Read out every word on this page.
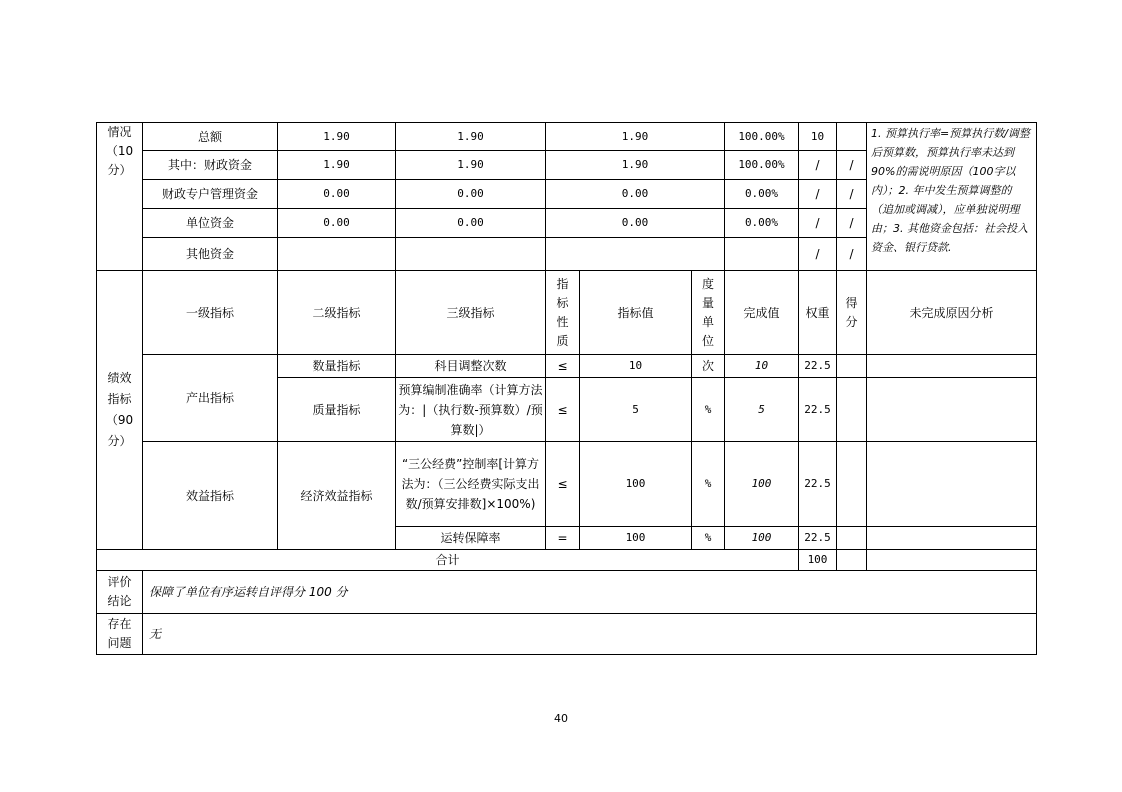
情况
（10
分）	总额	1.90	1.90	1.90			100.00%	10		1. 预算执行率=预算执行数/调整后预算数，预算执行率未达到90%的需说明原因（100字以内）；2. 年中发生预算调整的（追加或调减），应单独说明理由；3. 其他资金包括：社会投入资金、银行贷款.
	其中：财政资金	1.90	1.90	1.90			100.00%	/	/	
	财政专户管理资金	0.00	0.00	0.00			0.00%	/	/	
	单位资金	0.00	0.00	0.00			0.00%	/	/	
	其他资金							/	/	
绩效
指标
（90
分）	一级指标	二级指标	三级指标	指
标
性
质	指标值	度
量
单
位	完成值	权重	得
分	未完成原因分析
	产出指标	数量指标	科目调整次数	≤	10	次	10	22.5		
		质量指标	预算编制准确率（计算方法为：|（执行数-预算数）/预算数|）	≤	5	%	5	22.5		
	效益指标	经济效益指标	“三公经费”控制率[计算方法为：（三公经费实际支出数/预算安排数]×100%)	≤	100	%	100	22.5		
			运转保障率	=	100	%	100	22.5		
合计								100		
评价
结论	保障了单位有序运转自评得分 100 分									
存在
问题	无									
40
